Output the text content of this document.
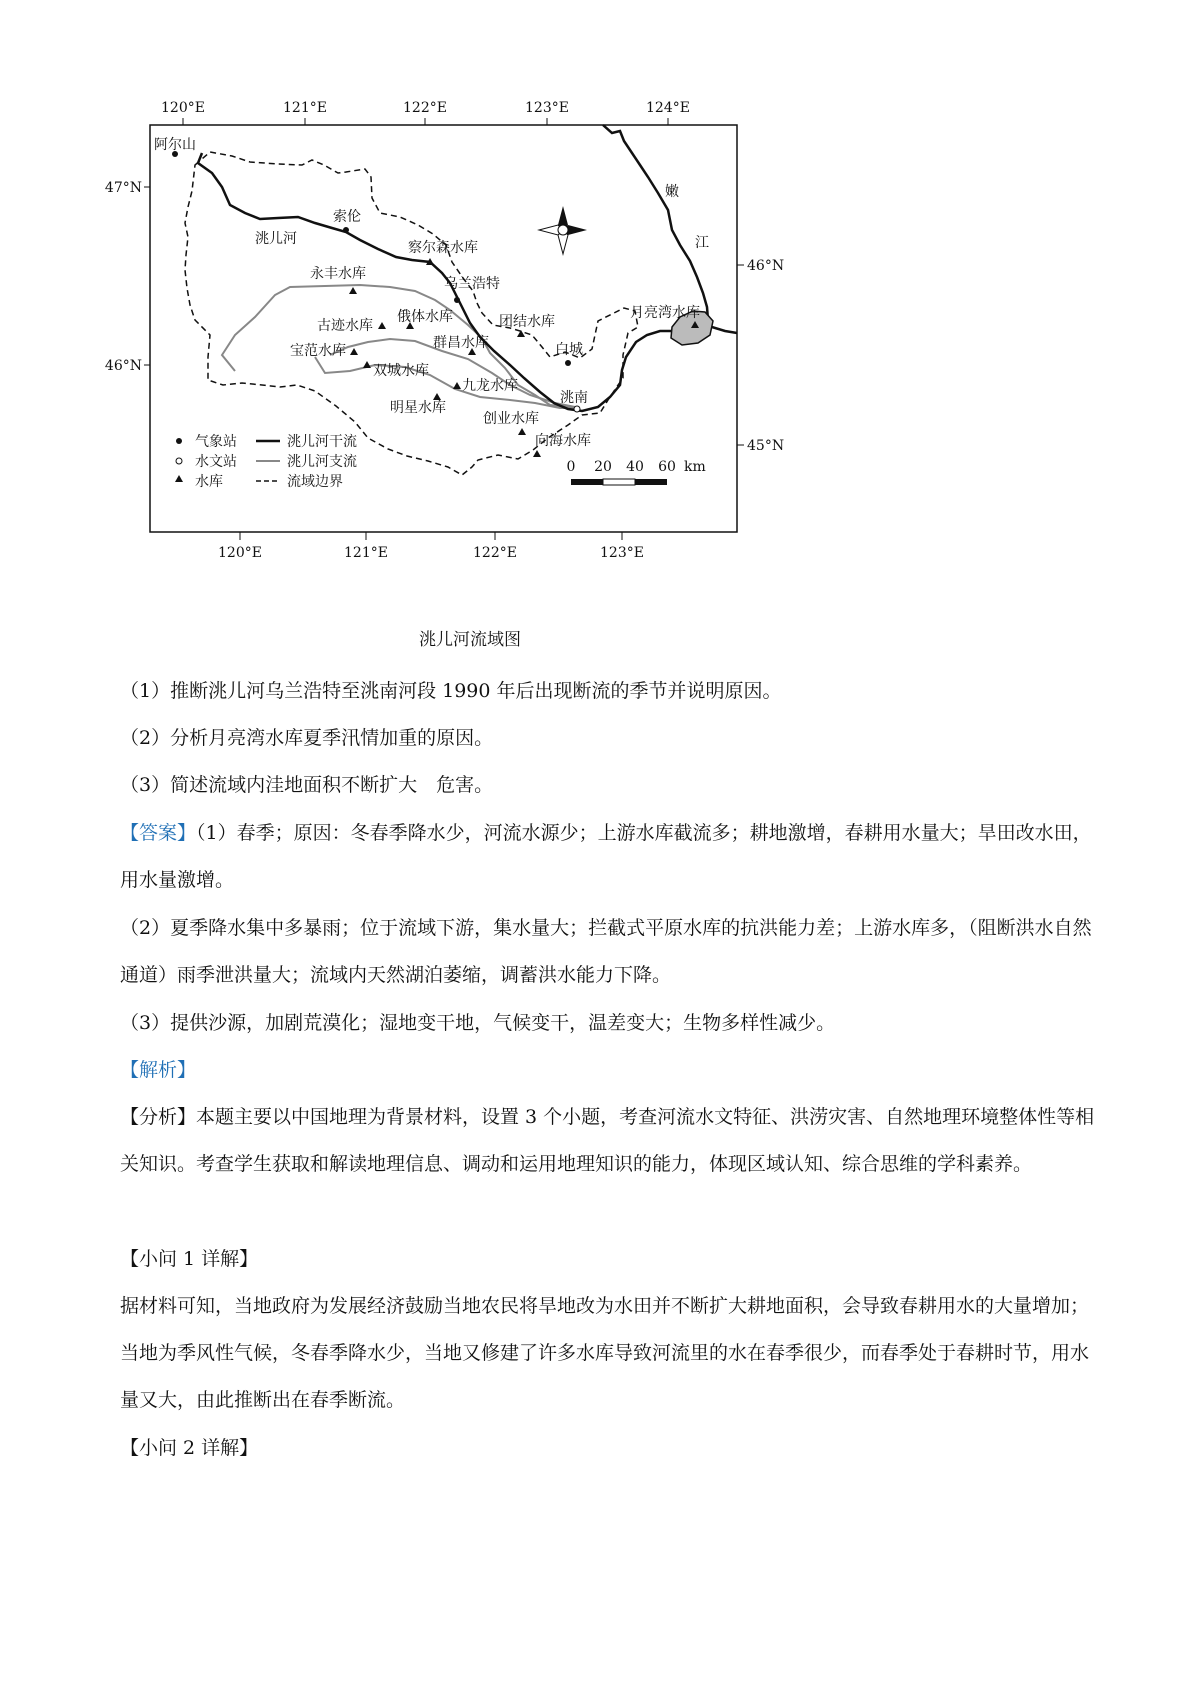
120°E	121°E	122°E	123°E	124°E
120°E	121°E	122°E	123°E
47°N
46°N
46°N
45°N
阿尔山
索伦
洮儿河
察尔森水库
乌兰浩特
嫩
江
永丰水库
古迹水库
俄体水库	团结水库
白城
月亮湾水库
宝范水库	群昌水库
双城水库
九龙水库
洮南
明星水库
创业水库
向海水库
气象站
水文站
水库
洮儿河干流
洮儿河支流
流域边界
0 20 40 60 km
洮儿河流域图

（1）推断洮儿河乌兰浩特至洮南河段 1990 年后出现断流的季节并说明原因。

（2）分析月亮湾水库夏季汛情加重的原因。

（3）简述流域内洼地面积不断扩大　危害。

【答案】（1）春季；原因：冬春季降水少，河流水源少；上游水库截流多；耕地激增，春耕用水量大；旱田改水田，用水量激增。

（2）夏季降水集中多暴雨；位于流域下游，集水量大；拦截式平原水库的抗洪能力差；上游水库多，（阻断洪水自然通道）雨季泄洪量大；流域内天然湖泊萎缩，调蓄洪水能力下降。

（3）提供沙源，加剧荒漠化；湿地变干地，气候变干，温差变大；生物多样性减少。

【解析】

【分析】本题主要以中国地理为背景材料，设置 3 个小题，考查河流水文特征、洪涝灾害、自然地理环境整体性等相关知识。考查学生获取和解读地理信息、调动和运用地理知识的能力，体现区域认知、综合思维的学科素养。

【小问 1 详解】

据材料可知，当地政府为发展经济鼓励当地农民将旱地改为水田并不断扩大耕地面积，会导致春耕用水的大量增加；当地为季风性气候，冬春季降水少，当地又修建了许多水库导致河流里的水在春季很少，而春季处于春耕时节，用水量又大，由此推断出在春季断流。

【小问 2 详解】
